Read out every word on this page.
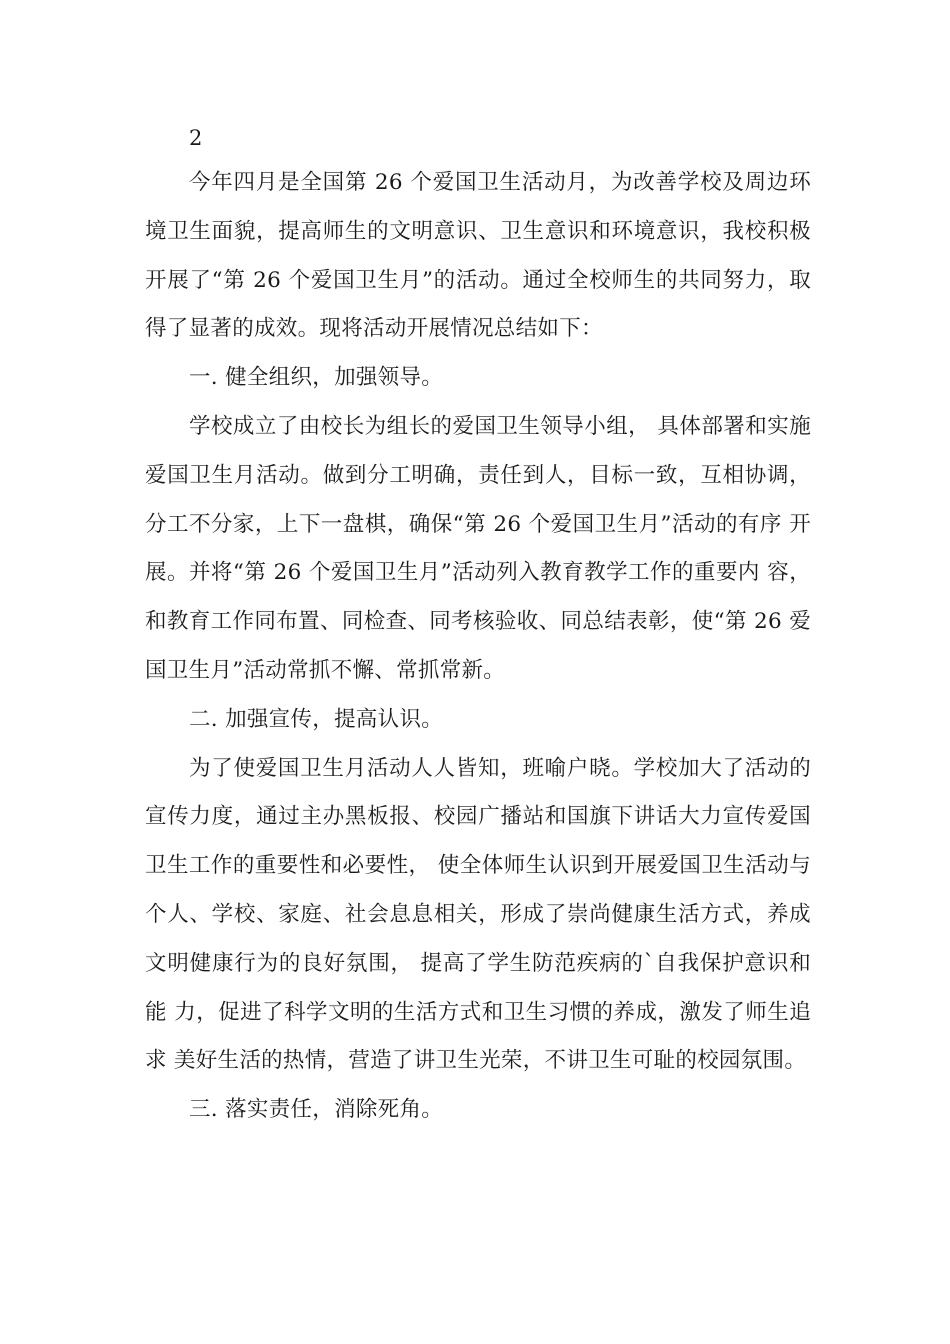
2

今年四月是全国第 26 个爱国卫生活动月，为改善学校及周边环境卫生面貌，提高师生的文明意识、卫生意识和环境意识，我校积极开展了“第 26 个爱国卫生月”的活动。通过全校师生的共同努力，取得了显著的成效。现将活动开展情况总结如下：

一. 健全组织，加强领导。

学校成立了由校长为组长的爱国卫生领导小组， 具体部署和实施 爱国卫生月活动。做到分工明确，责任到人，目标一致，互相协调， 分工不分家，上下一盘棋，确保“第 26 个爱国卫生月”活动的有序 开展。并将“第 26 个爱国卫生月”活动列入教育教学工作的重要内 容，和教育工作同布置、同检查、同考核验收、同总结表彰，使“第 26 爱国卫生月”活动常抓不懈、常抓常新。

二. 加强宣传，提高认识。

为了使爱国卫生月活动人人皆知，班喻户晓。学校加大了活动的宣传力度，通过主办黑板报、校园广播站和国旗下讲话大力宣传爱国卫生工作的重要性和必要性， 使全体师生认识到开展爱国卫生活动与 个人、学校、家庭、社会息息相关，形成了崇尚健康生活方式，养成 文明健康行为的良好氛围， 提高了学生防范疾病的`自我保护意识和能 力，促进了科学文明的生活方式和卫生习惯的养成，激发了师生追求 美好生活的热情，营造了讲卫生光荣，不讲卫生可耻的校园氛围。

三. 落实责任，消除死角。
